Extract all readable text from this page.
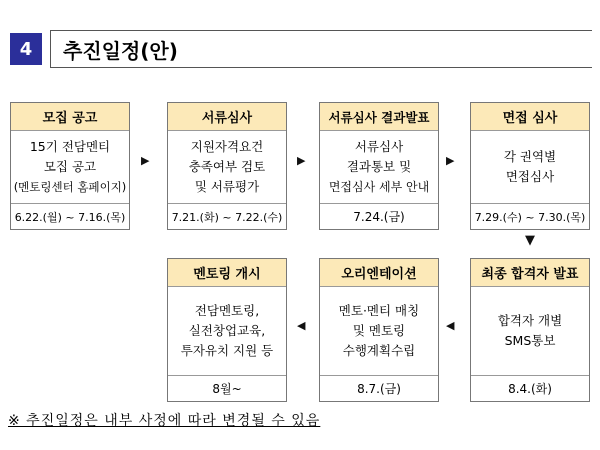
4	추진일정(안)
모집 공고
15기 전담멘티
모집 공고
(멘토링센터 홈페이지)
6.22.(월) ~ 7.16.(목)
▶
서류심사
지원자격요건
충족여부 검토
및 서류평가
7.21.(화) ~ 7.22.(수)
▶
서류심사 결과발표
서류심사
결과통보 및
면접심사 세부 안내
7.24.(금)
▶
면접 심사
각 권역별
면접심사
7.29.(수) ~ 7.30.(목)
▼
멘토링 개시
전담멘토링,
실전창업교육,
투자유치 지원 등
8월~
◀
오리엔테이션
멘토·멘티 매칭
및 멘토링
수행계획수립
8.7.(금)
◀
최종 합격자 발표
합격자 개별
SMS통보
8.4.(화)
※ 추진일정은 내부 사정에 따라 변경될 수 있음
